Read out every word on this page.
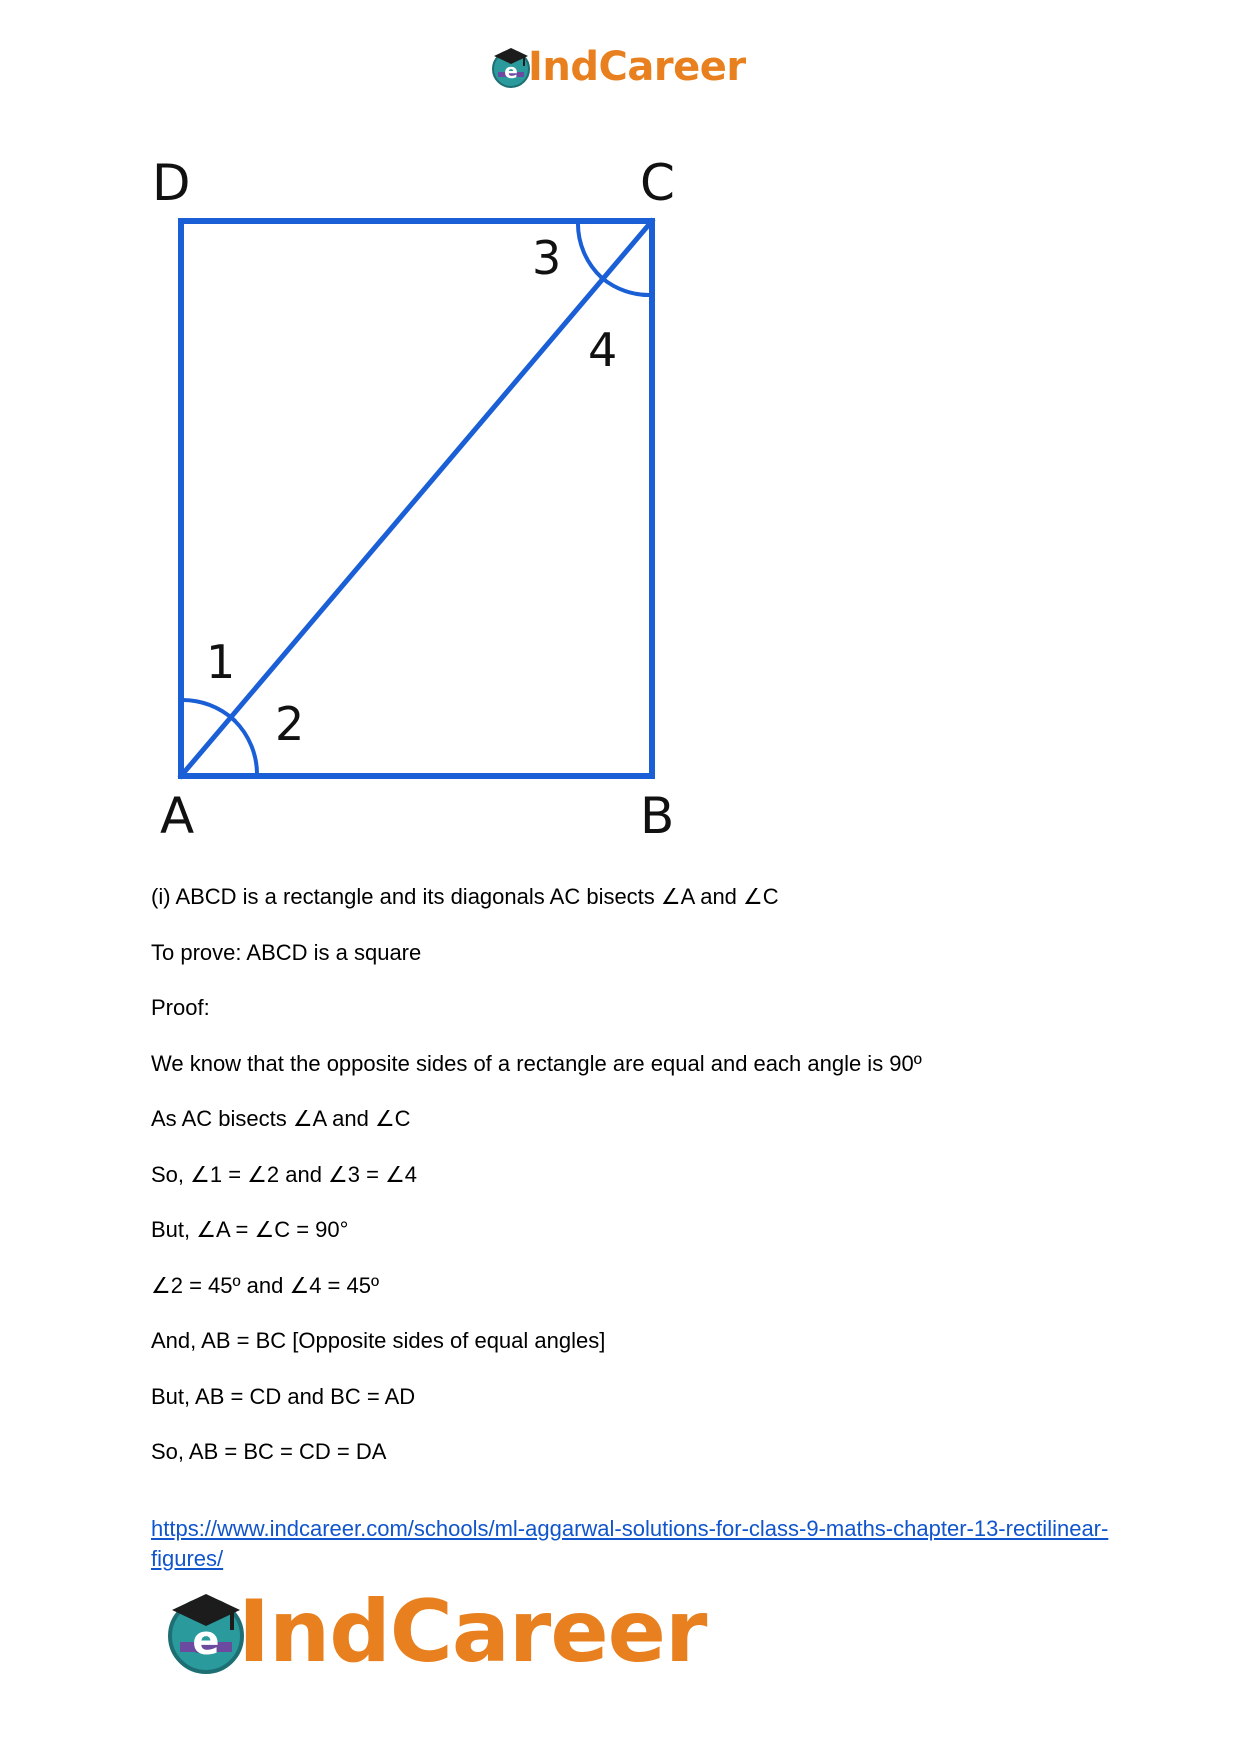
e IndCareer
D	C
A	B
1
2
3
4
(i) ABCD is a rectangle and its diagonals AC bisects ∠A and ∠C
To prove: ABCD is a square
Proof:
We know that the opposite sides of a rectangle are equal and each angle is 90º
As AC bisects ∠A and ∠C
So, ∠1 = ∠2 and ∠3 = ∠4
But, ∠A = ∠C = 90°
∠2 = 45º and ∠4 = 45º
And, AB = BC [Opposite sides of equal angles]
But, AB = CD and BC = AD
So, AB = BC = CD = DA
https://www.indcareer.com/schools/ml-aggarwal-solutions-for-class-9-maths-chapter-13-rectilinear-figures/
e IndCareer
